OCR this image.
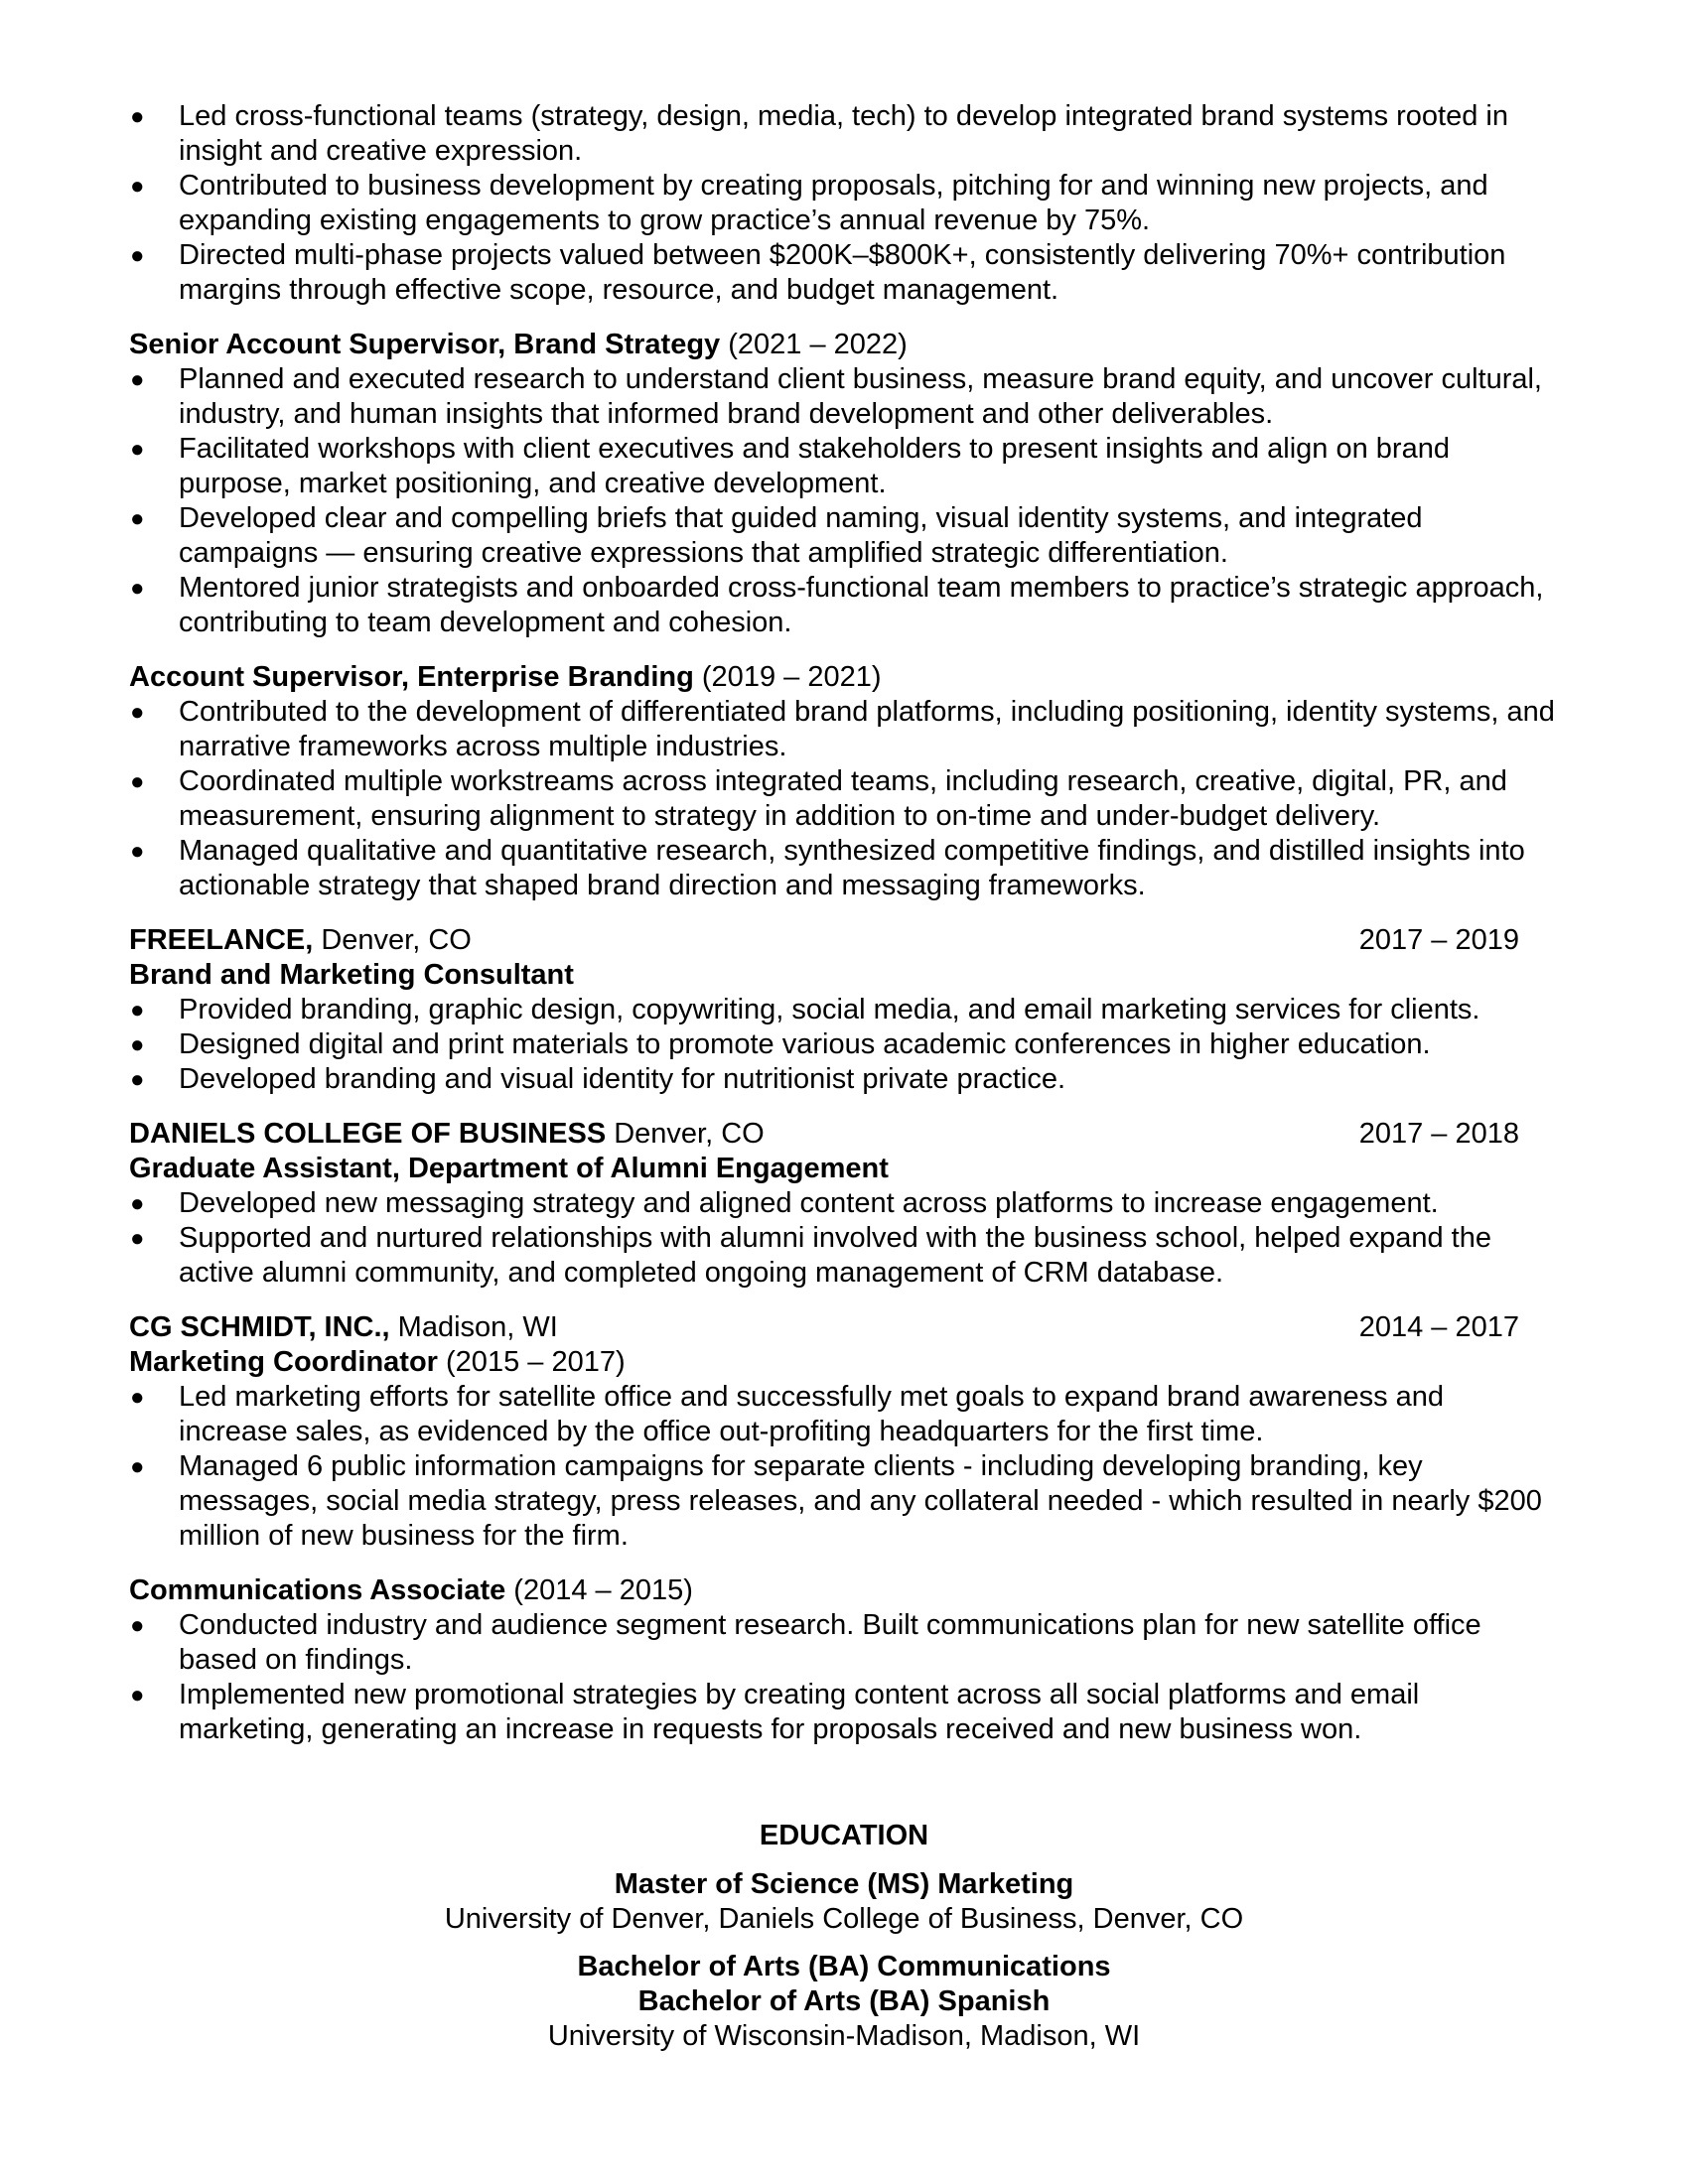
● Led cross-functional teams (strategy, design, media, tech) to develop integrated brand systems rooted in insight and creative expression.
● Contributed to business development by creating proposals, pitching for and winning new projects, and expanding existing engagements to grow practice’s annual revenue by 75%.
● Directed multi-phase projects valued between $200K–$800K+, consistently delivering 70%+ contribution margins through effective scope, resource, and budget management.
Senior Account Supervisor, Brand Strategy (2021 – 2022)
● Planned and executed research to understand client business, measure brand equity, and uncover cultural, industry, and human insights that informed brand development and other deliverables.
● Facilitated workshops with client executives and stakeholders to present insights and align on brand purpose, market positioning, and creative development.
● Developed clear and compelling briefs that guided naming, visual identity systems, and integrated campaigns — ensuring creative expressions that amplified strategic differentiation.
● Mentored junior strategists and onboarded cross-functional team members to practice’s strategic approach, contributing to team development and cohesion.
Account Supervisor, Enterprise Branding (2019 – 2021)
● Contributed to the development of differentiated brand platforms, including positioning, identity systems, and narrative frameworks across multiple industries.
● Coordinated multiple workstreams across integrated teams, including research, creative, digital, PR, and measurement, ensuring alignment to strategy in addition to on-time and under-budget delivery.
● Managed qualitative and quantitative research, synthesized competitive findings, and distilled insights into actionable strategy that shaped brand direction and messaging frameworks.
FREELANCE, Denver, CO	2017 – 2019
Brand and Marketing Consultant
● Provided branding, graphic design, copywriting, social media, and email marketing services for clients.
● Designed digital and print materials to promote various academic conferences in higher education.
● Developed branding and visual identity for nutritionist private practice.
DANIELS COLLEGE OF BUSINESS Denver, CO	2017 – 2018
Graduate Assistant, Department of Alumni Engagement
● Developed new messaging strategy and aligned content across platforms to increase engagement.
● Supported and nurtured relationships with alumni involved with the business school, helped expand the active alumni community, and completed ongoing management of CRM database.
CG SCHMIDT, INC., Madison, WI	2014 – 2017
Marketing Coordinator (2015 – 2017)
● Led marketing efforts for satellite office and successfully met goals to expand brand awareness and increase sales, as evidenced by the office out-profiting headquarters for the first time.
● Managed 6 public information campaigns for separate clients - including developing branding, key messages, social media strategy, press releases, and any collateral needed - which resulted in nearly $200 million of new business for the firm.
Communications Associate (2014 – 2015)
● Conducted industry and audience segment research. Built communications plan for new satellite office based on findings.
● Implemented new promotional strategies by creating content across all social platforms and email marketing, generating an increase in requests for proposals received and new business won.
EDUCATION
Master of Science (MS) Marketing
University of Denver, Daniels College of Business, Denver, CO
Bachelor of Arts (BA) Communications
Bachelor of Arts (BA) Spanish
University of Wisconsin-Madison, Madison, WI
